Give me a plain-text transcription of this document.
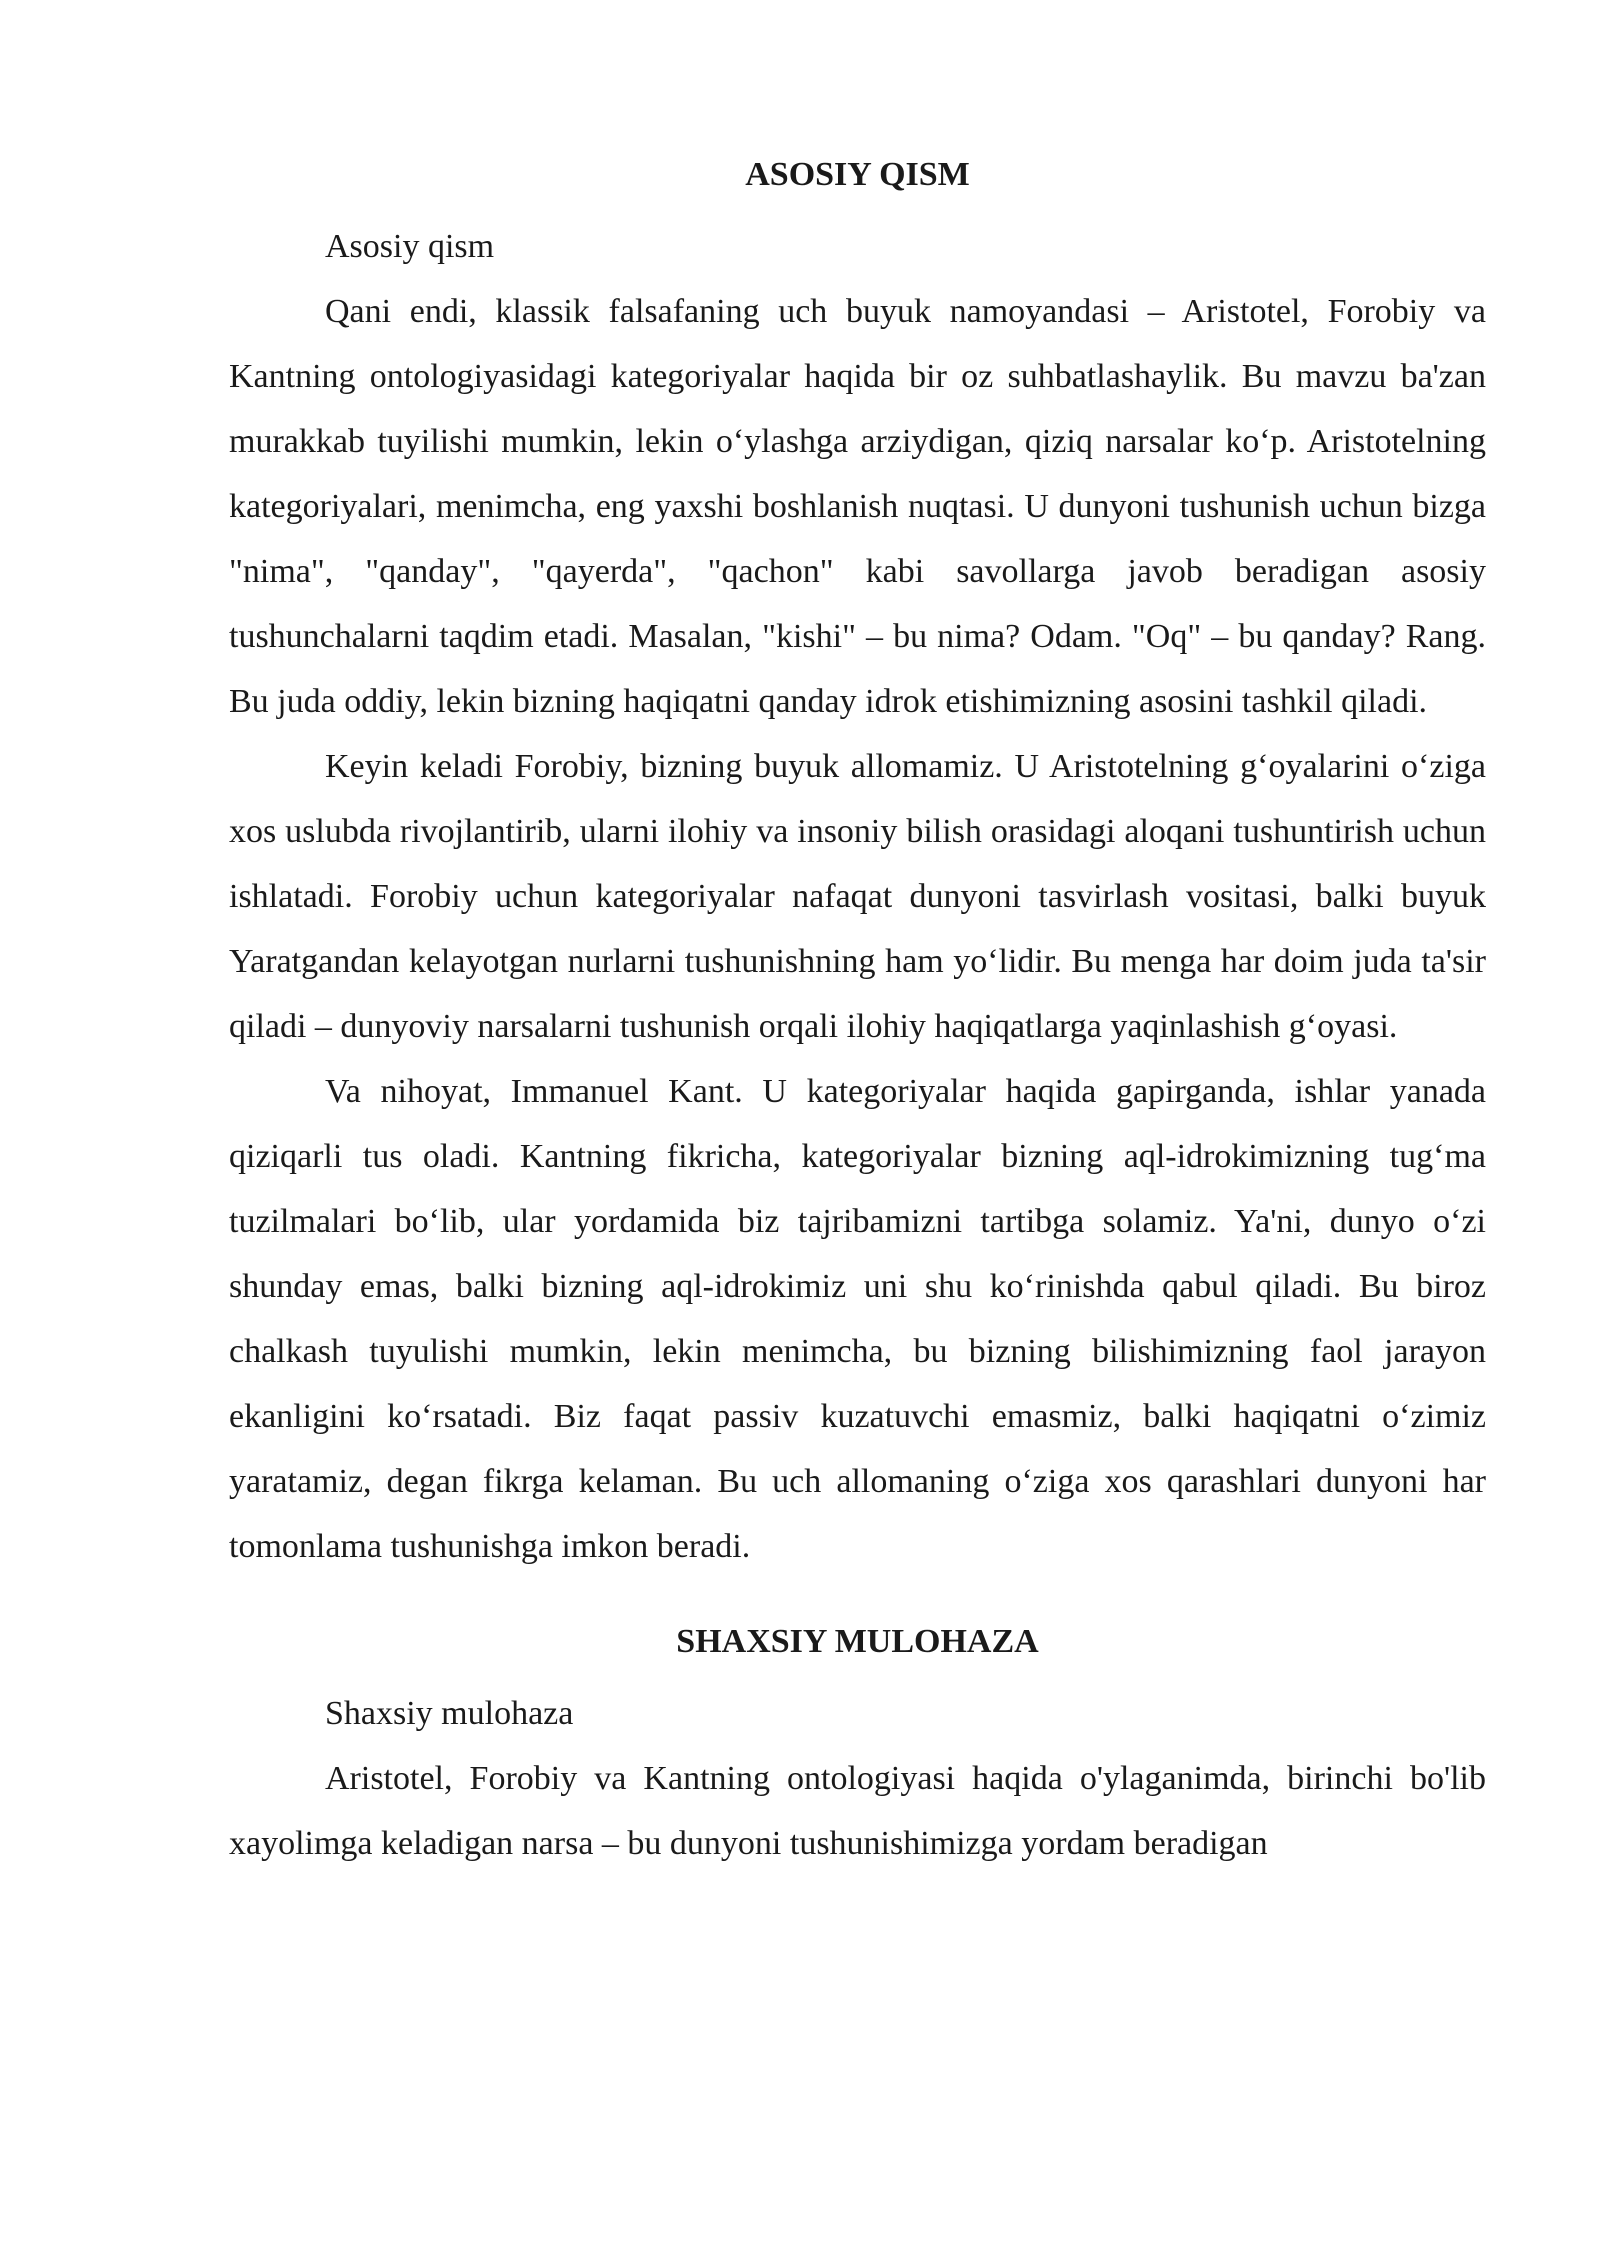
ASOSIY QISM

Asosiy qism

Qani endi, klassik falsafaning uch buyuk namoyandasi – Aristotel, Forobiy va Kantning ontologiyasidagi kategoriyalar haqida bir oz suhbatlashaylik. Bu mavzu ba'zan murakkab tuyilishi mumkin, lekin o‘ylashga arziydigan, qiziq narsalar ko‘p. Aristotelning kategoriyalari, menimcha, eng yaxshi boshlanish nuqtasi. U dunyoni tushunish uchun bizga "nima", "qanday", "qayerda", "qachon" kabi savollarga javob beradigan asosiy tushunchalarni taqdim etadi. Masalan, "kishi" – bu nima? Odam. "Oq" – bu qanday? Rang. Bu juda oddiy, lekin bizning haqiqatni qanday idrok etishimizning asosini tashkil qiladi.

Keyin keladi Forobiy, bizning buyuk allomamiz. U Aristotelning g‘oyalarini o‘ziga xos uslubda rivojlantirib, ularni ilohiy va insoniy bilish orasidagi aloqani tushuntirish uchun ishlatadi. Forobiy uchun kategoriyalar nafaqat dunyoni tasvirlash vositasi, balki buyuk Yaratgandan kelayotgan nurlarni tushunishning ham yo‘lidir. Bu menga har doim juda ta'sir qiladi – dunyoviy narsalarni tushunish orqali ilohiy haqiqatlarga yaqinlashish g‘oyasi.

Va nihoyat, Immanuel Kant. U kategoriyalar haqida gapirganda, ishlar yanada qiziqarli tus oladi. Kantning fikricha, kategoriyalar bizning aql-idrokimizning tug‘ma tuzilmalari bo‘lib, ular yordamida biz tajribamizni tartibga solamiz. Ya'ni, dunyo o‘zi shunday emas, balki bizning aql-idrokimiz uni shu ko‘rinishda qabul qiladi. Bu biroz chalkash tuyulishi mumkin, lekin menimcha, bu bizning bilishimizning faol jarayon ekanligini ko‘rsatadi. Biz faqat passiv kuzatuvchi emasmiz, balki haqiqatni o‘zimiz yaratamiz, degan fikrga kelaman. Bu uch allomaning o‘ziga xos qarashlari dunyoni har tomonlama tushunishga imkon beradi.

SHAXSIY MULOHAZA

Shaxsiy mulohaza

Aristotel, Forobiy va Kantning ontologiyasi haqida o'ylaganimda, birinchi bo'lib xayolimga keladigan narsa – bu dunyoni tushunishimizga yordam beradigan
